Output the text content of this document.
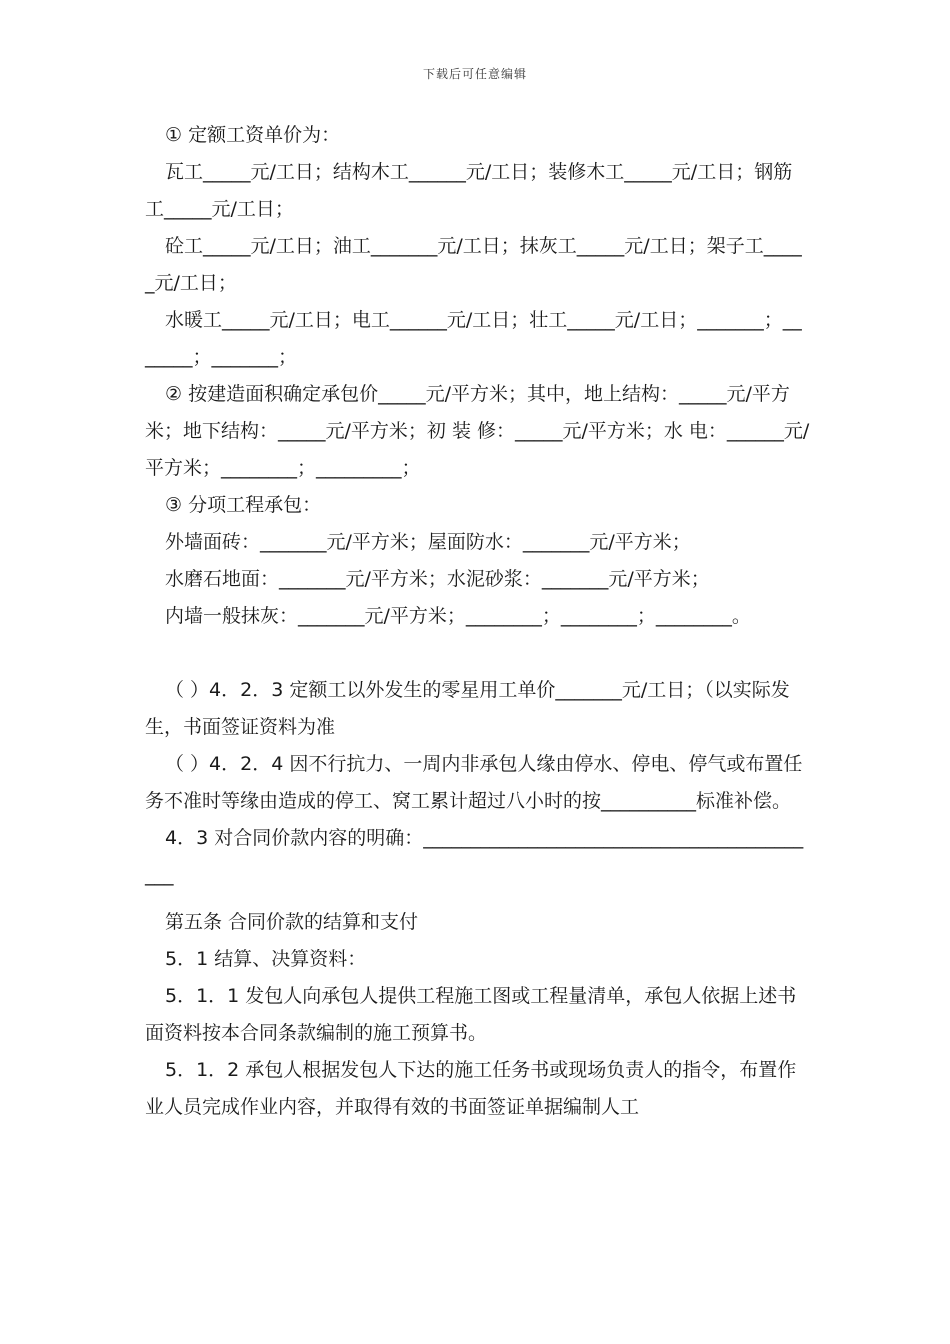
下载后可任意编辑

① 定额工资单价为：

瓦工_____元/工日；结构木工______元/工日；装修木工_____元/工日；钢筋工_____元/工日；

砼工_____元/工日；油工_______元/工日；抹灰工_____元/工日；架子工_____元/工日；

水暖工_____元/工日；电工______元/工日；壮工_____元/工日；_______；_______；_______；

② 按建造面积确定承包价_____元/平方米；其中，地上结构：_____元/平方米；地下结构：_____元/平方米；初 装 修：_____元/平方米；水 电：______元/平方米；________；_________；

③ 分项工程承包：

外墙面砖：_______元/平方米；屋面防水：_______元/平方米；

水磨石地面：_______元/平方米；水泥砂浆：_______元/平方米；

内墙一般抹灰：_______元/平方米；________；________；________。

（ ）4．2．3 定额工以外发生的零星用工单价_______元/工日；（以实际发生，书面签证资料为准

（ ）4．2．4 因不行抗力、一周内非承包人缘由停水、停电、停气或布置任务不准时等缘由造成的停工、窝工累计超过八小时的按__________标准补偿。

4．3 对合同价款内容的明确：___________________________________________

第五条 合同价款的结算和支付

5．1 结算、决算资料：

5．1．1 发包人向承包人提供工程施工图或工程量清单，承包人依据上述书面资料按本合同条款编制的施工预算书。

5．1．2 承包人根据发包人下达的施工任务书或现场负责人的指令，布置作业人员完成作业内容，并取得有效的书面签证单据编制人工
